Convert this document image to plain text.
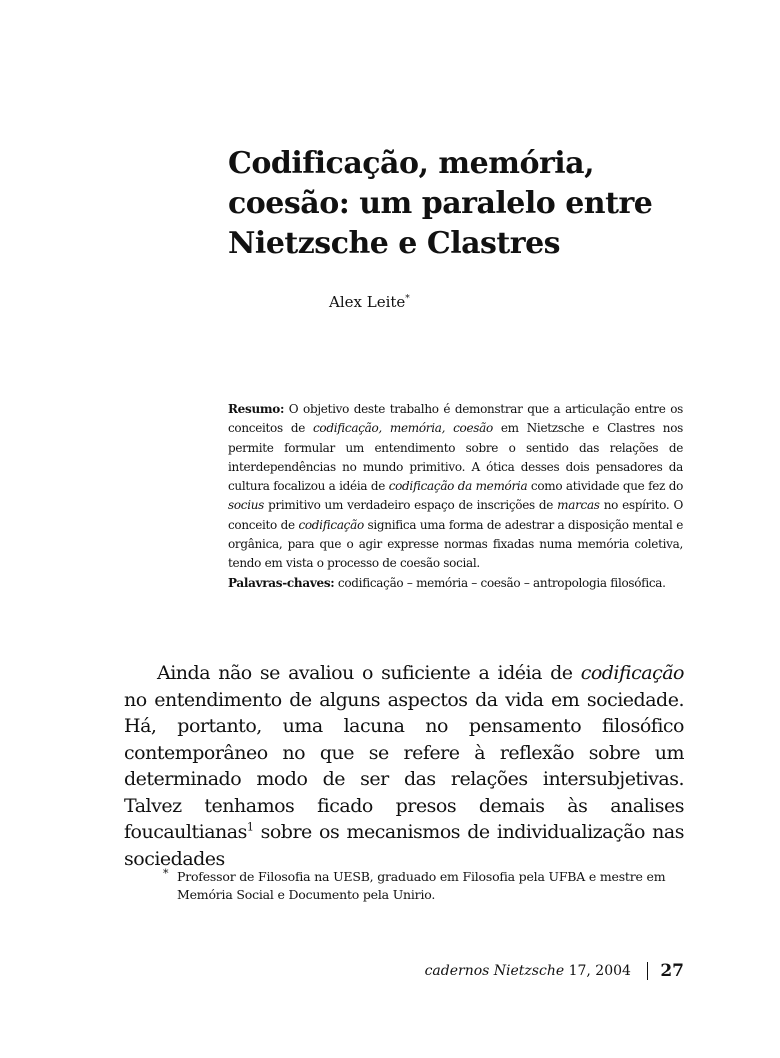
Codificação, memória,
coesão: um paralelo entre
Nietzsche e Clastres
Alex Leite*

Resumo: O objetivo deste trabalho é demonstrar que a articulação entre os conceitos de codificação, memória, coesão em Nietzsche e Clastres nos permite formular um entendimento sobre o sentido das relações de interdependências no mundo primitivo. A ótica desses dois pensadores da cultura focalizou a idéia de codificação da memória como atividade que fez do socius primitivo um verdadeiro espaço de inscrições de marcas no espírito. O conceito de codificação significa uma forma de adestrar a disposição mental e orgânica, para que o agir expresse normas fixadas numa memória coletiva, tendo em vista o processo de coesão social.

Palavras-chaves: codificação – memória – coesão – antropologia filosófica.

Ainda não se avaliou o suficiente a idéia de codificação no entendimento de alguns aspectos da vida em sociedade. Há, portanto, uma lacuna no pensamento filosófico contemporâneo no que se refere à reflexão sobre um determinado modo de ser das relações intersubjetivas. Talvez tenhamos ficado presos demais às analises foucaultianas$^1$ sobre os mecanismos de individualização nas sociedades

* Professor de Filosofia na UESB, graduado em Filosofia pela UFBA e mestre em Memória Social e Documento pela Unirio.
cadernos Nietzsche
17, 2004 27
